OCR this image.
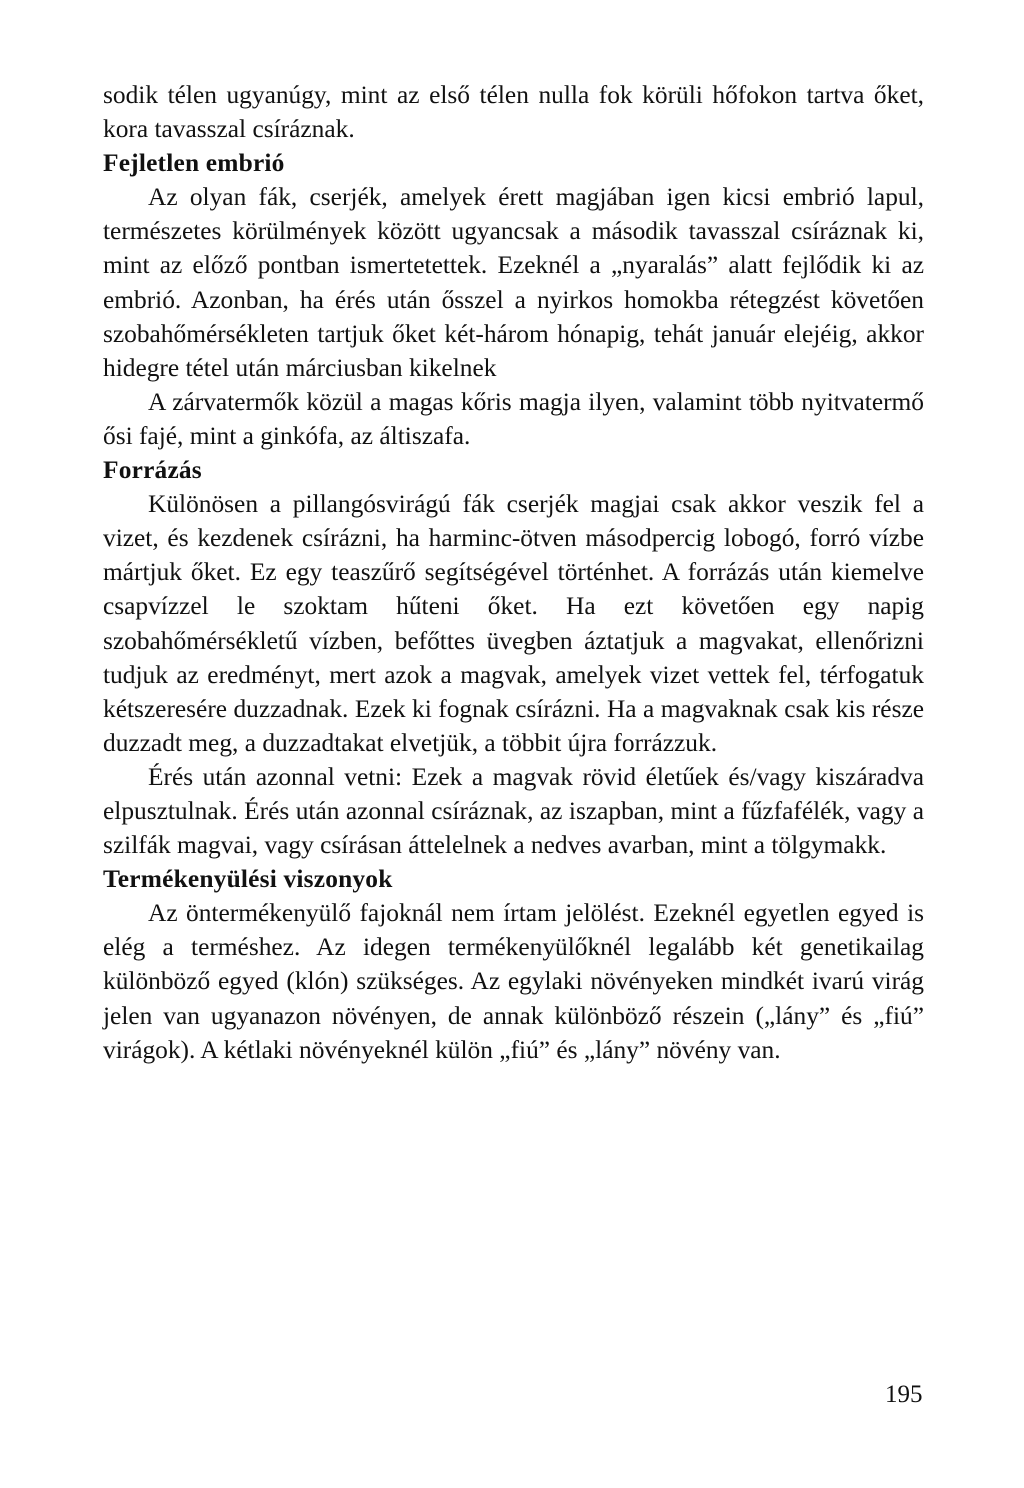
sodik télen ugyanúgy, mint az első télen nulla fok körüli hőfokon tartva őket, kora tavasszal csíráznak.

Fejletlen embrió

Az olyan fák, cserjék, amelyek érett magjában igen kicsi embrió lapul, természetes körülmények között ugyancsak a második tavasszal csíráznak ki, mint az előző pontban ismertetettek. Ezeknél a „nyaralás” alatt fejlődik ki az embrió. Azonban, ha érés után ősszel a nyirkos homokba rétegzést követően szobahőmérsékleten tartjuk őket két-három hónapig, tehát január elejéig, akkor hidegre tétel után márciusban kikelnek

A zárvatermők közül a magas kőris magja ilyen, valamint több nyitvatermő ősi fajé, mint a ginkófa, az áltiszafa.

Forrázás

Különösen a pillangósvirágú fák cserjék magjai csak akkor veszik fel a vizet, és kezdenek csírázni, ha harminc-ötven másodpercig lobogó, forró vízbe mártjuk őket. Ez egy teaszűrő segítségével történhet. A forrázás után kiemelve csapvízzel le szoktam hűteni őket. Ha ezt követően egy napig szobahőmérsékletű vízben, befőttes üvegben áztatjuk a magvakat, ellenőrizni tudjuk az eredményt, mert azok a magvak, amelyek vizet vettek fel, térfogatuk kétszeresére duzzadnak. Ezek ki fognak csírázni. Ha a magvaknak csak kis része duzzadt meg, a duzzadtakat elvetjük, a többit újra forrázzuk.

Érés után azonnal vetni: Ezek a magvak rövid életűek és/vagy kiszáradva elpusztulnak. Érés után azonnal csíráznak, az iszapban, mint a fűzfafélék, vagy a szilfák magvai, vagy csírásan áttelelnek a nedves avarban, mint a tölgymakk.

Termékenyülési viszonyok

Az öntermékenyülő fajoknál nem írtam jelölést. Ezeknél egyetlen egyed is elég a terméshez. Az idegen termékenyülőknél legalább két genetikailag különböző egyed (klón) szükséges. Az egylaki növényeken mindkét ivarú virág jelen van ugyanazon növényen, de annak különböző részein („lány” és „fiú” virágok). A kétlaki növényeknél külön „fiú” és „lány” növény van.

195
